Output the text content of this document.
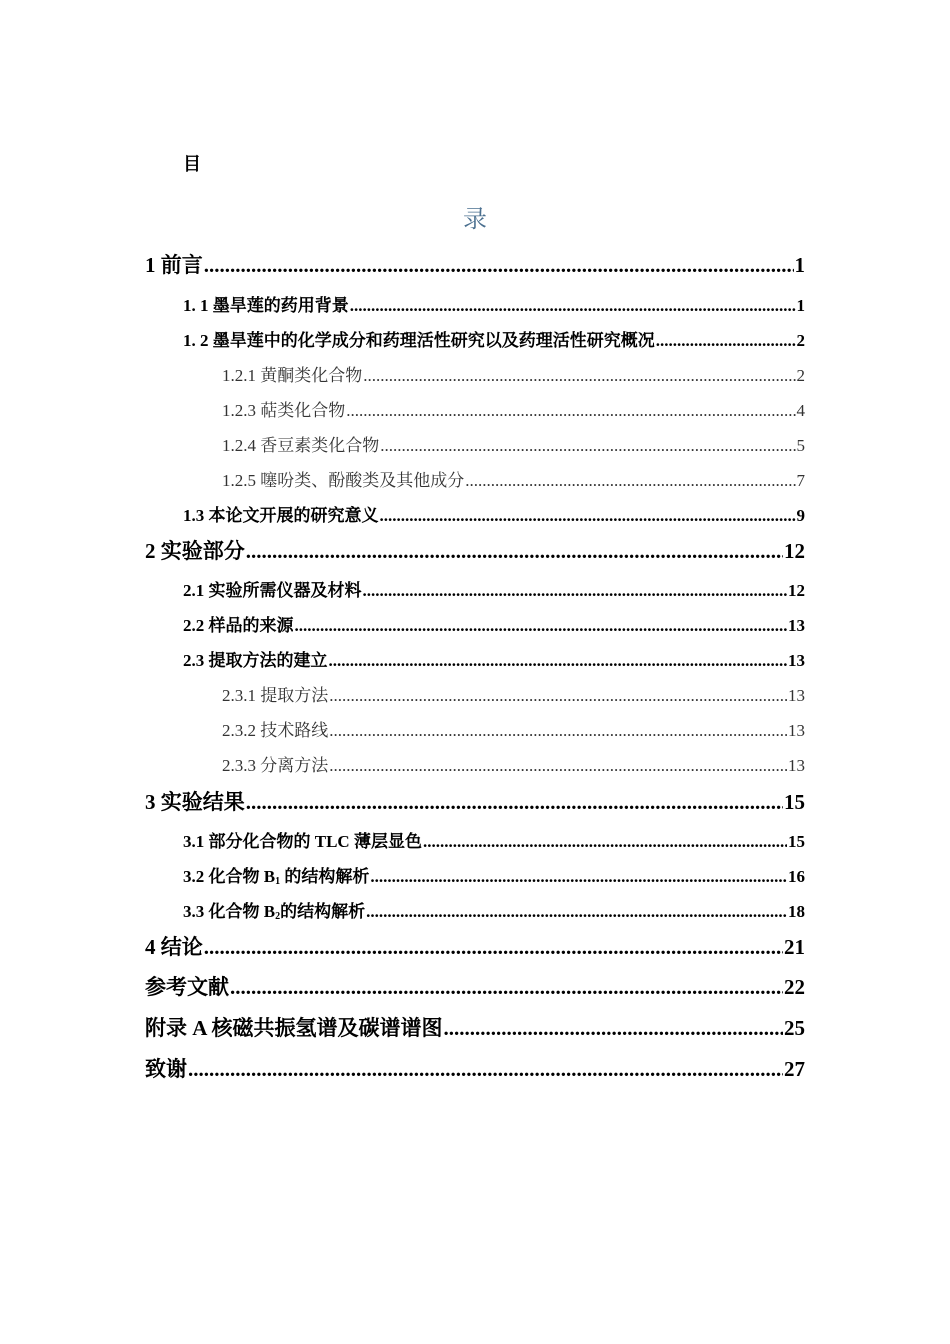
目
录
1 前言 .....	1
1. 1 墨旱莲的药用背景 .....	1
1. 2 墨旱莲中的化学成分和药理活性研究以及药理活性研究概况 .....	2
1.2.1 黄酮类化合物 .....	2
1.2.3 萜类化合物 .....	4
1.2.4 香豆素类化合物 .....	5
1.2.5 噻吩类、酚酸类及其他成分 .....	7
1.3 本论文开展的研究意义 .....	9
2 实验部分 .....	12
2.1 实验所需仪器及材料 .....	12
2.2 样品的来源 .....	13
2.3 提取方法的建立 .....	13
2.3.1 提取方法 .....	13
2.3.2 技术路线 .....	13
2.3.3 分离方法 .....	13
3 实验结果 .....	15
3.1 部分化合物的 TLC 薄层显色 .....	15
3.2 化合物 $B_1$ 的结构解析 .....	16
3.3 化合物 $B_2$的结构解析 .....	18
4 结论 .....	21
参考文献 .....	22
附录 A 核磁共振氢谱及碳谱谱图 .....	25
致谢 .....	27
